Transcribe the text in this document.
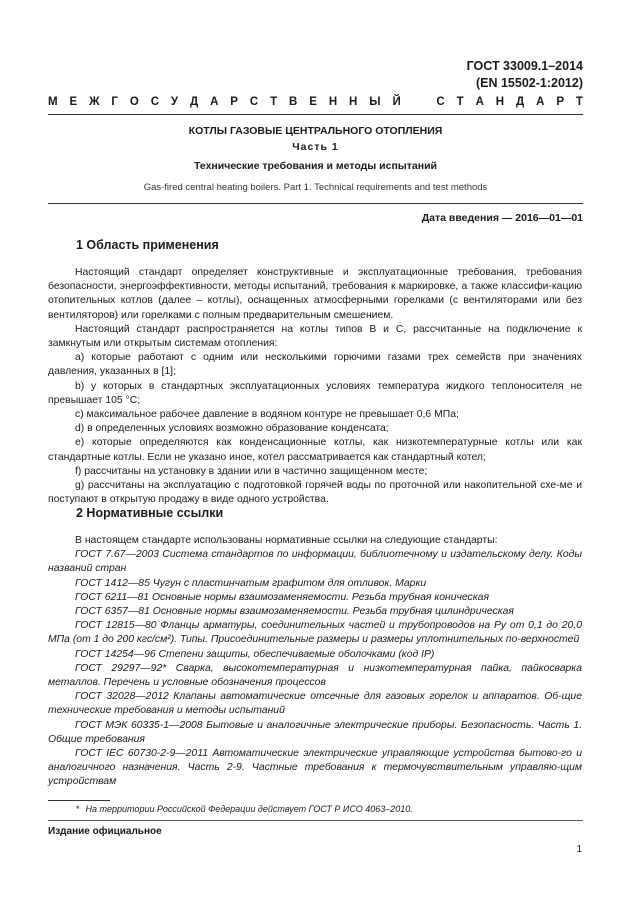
ГОСТ 33009.1–2014
(EN 15502-1:2012)
М Е Ж Г О С У Д А Р С Т В Е Н Н Ы Й	С Т А Н Д А Р Т
КОТЛЫ ГАЗОВЫЕ ЦЕНТРАЛЬНОГО ОТОПЛЕНИЯ
Часть 1
Технические требования и методы испытаний
Gas-fired central heating boilers. Part 1. Technical requirements and test methods
Дата введения — 2016—01—01
1 Область применения

Настоящий стандарт определяет конструктивные и эксплуатационные требования, требования безопасности, энергоэффективности, методы испытаний, требования к маркировке, а также классифи-кацию отопительных котлов (далее – котлы), оснащенных атмосферными горелками (с вентиляторами или без вентиляторов) или горелками с полным предварительным смешением.

Настоящий стандарт распространяется на котлы типов B и C, рассчитанные на подключение к замкнутым или открытым системам отопления:

a) которые работают с одним или несколькими горючими газами трех семейств при значениях давления, указанных в [1];

b) у которых в стандартных эксплуатационных условиях температура жидкого теплоносителя не превышает 105 °С;

c) максимальное рабочее давление в водяном контуре не превышает 0,6 МПа;

d) в определенных условиях возможно образование конденсата;

e) которые определяются как конденсационные котлы, как низкотемпературные котлы или как стандартные котлы. Если не указано иное, котел рассматривается как стандартный котел;

f) рассчитаны на установку в здании или в частично защищенном месте;

g) рассчитаны на эксплуатацию с подготовкой горячей воды по проточной или накопительной схе-ме и поступают в открытую продажу в виде одного устройства.

2 Нормативные ссылки

В настоящем стандарте использованы нормативные ссылки на следующие стандарты:

ГОСТ 7.67—2003 Система стандартов по информации, библиотечному и издательскому делу. Коды названий стран

ГОСТ 1412—85 Чугун с пластинчатым графитом для отливок. Марки

ГОСТ 6211—81 Основные нормы взаимозаменяемости. Резьба трубная коническая

ГОСТ 6357—81 Основные нормы взаимозаменяемости. Резьба трубная цилиндрическая

ГОСТ 12815—80 Фланцы арматуры, соединительных частей и трубопроводов на Ру от 0,1 до 20,0 МПа (от 1 до 200 кгс/см²). Типы. Присоединительные размеры и размеры уплотнительных по-верхностей

ГОСТ 14254—96 Степени защиты, обеспечиваемые оболочками (код IP)

ГОСТ 29297—92* Сварка, высокотемпературная и низкотемпературная пайка, пайкосварка металлов. Перечень и условные обозначения процессов

ГОСТ 32028—2012 Клапаны автоматические отсечные для газовых горелок и аппаратов. Об-щие технические требования и методы испытаний

ГОСТ МЭК 60335-1—2008 Бытовые и аналогичные электрические приборы. Безопасность. Часть 1. Общие требования

ГОСТ IEC 60730-2-9—2011 Автоматические электрические управляющие устройства бытово-го и аналогичного назначения. Часть 2-9. Частные требования к термочувствительным управляю-щим устройствам

* На территории Российской Федерации действует ГОСТ Р ИСО 4063–2010.
Издание официальное
1
